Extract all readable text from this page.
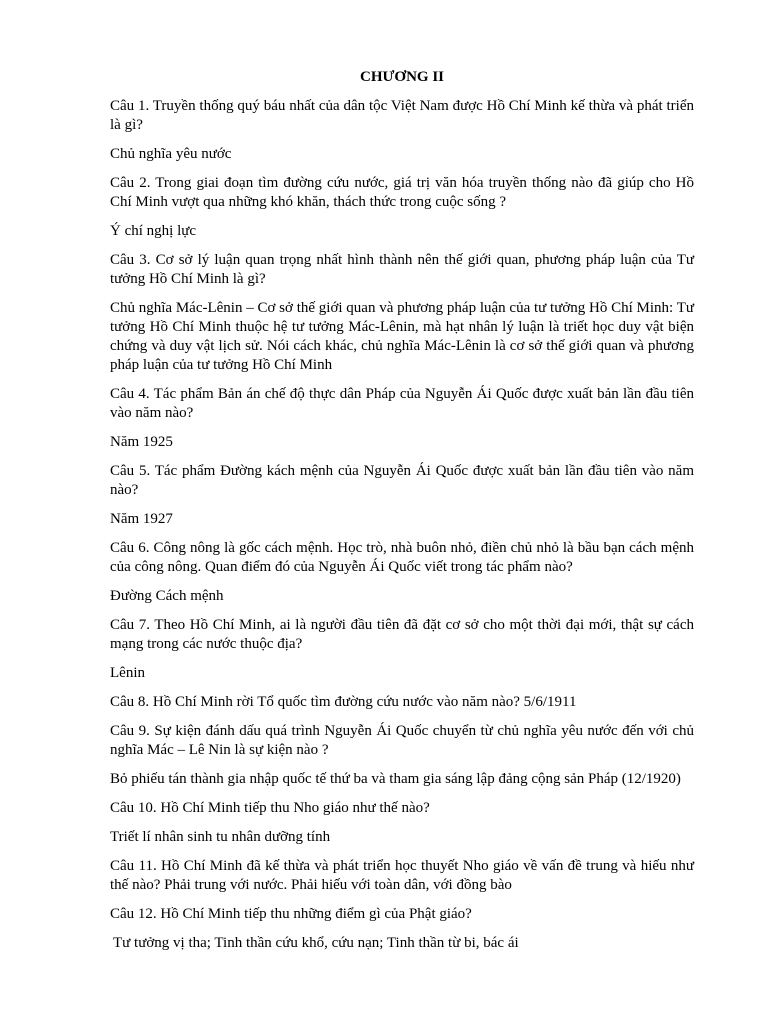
CHƯƠNG II

Câu 1. Truyền thống quý báu nhất của dân tộc Việt Nam được Hồ Chí Minh kế thừa và phát triển là gì?

Chủ nghĩa yêu nước

Câu 2. Trong giai đoạn tìm đường cứu nước, giá trị văn hóa truyền thống nào đã giúp cho Hồ Chí Minh vượt qua những khó khăn, thách thức trong cuộc sống ?

Ý chí nghị lực

Câu 3. Cơ sở lý luận quan trọng nhất hình thành nên thế giới quan, phương pháp luận của Tư tưởng Hồ Chí Minh là gì?

Chủ nghĩa Mác-Lênin – Cơ sở thế giới quan và phương pháp luận của tư tưởng Hồ Chí Minh: Tư tưởng Hồ Chí Minh thuộc hệ tư tưởng Mác-Lênin, mà hạt nhân lý luận là triết học duy vật biện chứng và duy vật lịch sử. Nói cách khác, chủ nghĩa Mác-Lênin là cơ sở thế giới quan và phương pháp luận của tư tưởng Hồ Chí Minh

Câu 4. Tác phẩm Bản án chế độ thực dân Pháp của Nguyễn Ái Quốc được xuất bản lần đầu tiên vào năm nào?

Năm 1925

Câu 5. Tác phẩm Đường kách mệnh của Nguyễn Ái Quốc được xuất bản lần đầu tiên vào năm nào?

Năm 1927

Câu 6. Công nông là gốc cách mệnh. Học trò, nhà buôn nhỏ, điền chủ nhỏ là bầu bạn cách mệnh của công nông. Quan điểm đó của Nguyễn Ái Quốc viết trong tác phẩm nào?

Đường Cách mệnh

Câu 7. Theo Hồ Chí Minh, ai là người đầu tiên đã đặt cơ sở cho một thời đại mới, thật sự cách mạng trong các nước thuộc địa?

Lênin

Câu 8. Hồ Chí Minh rời Tổ quốc tìm đường cứu nước vào năm nào? 5/6/1911

Câu 9. Sự kiện đánh dấu quá trình Nguyễn Ái Quốc chuyển từ chủ nghĩa yêu nước đến với chủ nghĩa Mác – Lê Nin là sự kiện nào ?

Bỏ phiếu tán thành gia nhập quốc tế thứ ba và tham gia sáng lập đảng cộng sản Pháp (12/1920)

Câu 10. Hồ Chí Minh tiếp thu Nho giáo như thế nào?

Triết lí nhân sinh tu nhân dưỡng tính

Câu 11. Hồ Chí Minh đã kế thừa và phát triển học thuyết Nho giáo về vấn đề trung và hiếu như thế nào? Phải trung với nước. Phải hiếu với toàn dân, với đồng bào

Câu 12. Hồ Chí Minh tiếp thu những điểm gì của Phật giáo?

Tư tưởng vị tha; Tinh thần cứu khổ, cứu nạn; Tinh thần từ bi, bác ái
